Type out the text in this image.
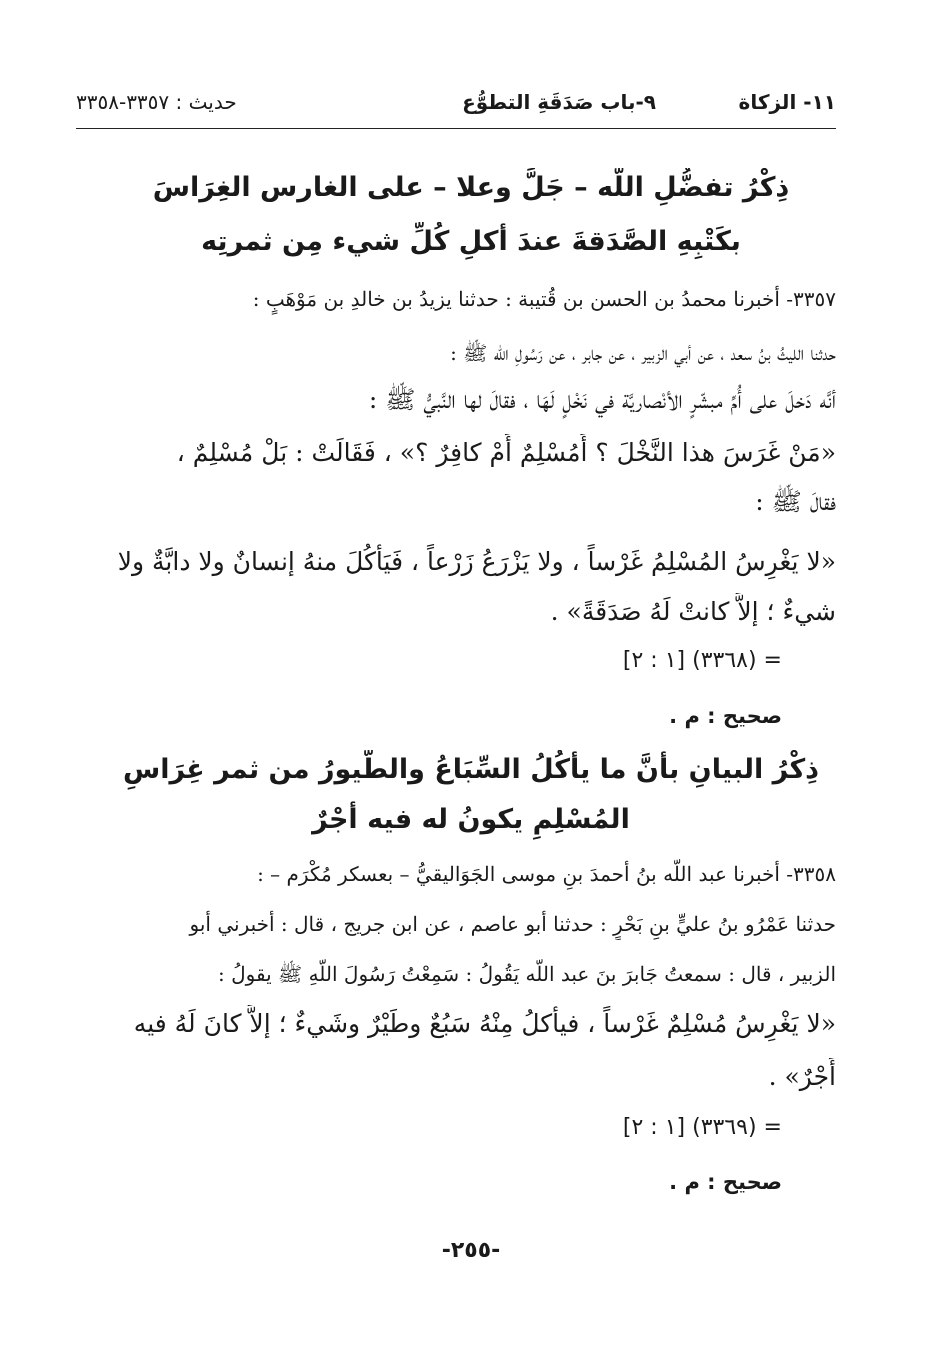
١١- الزكاة
٩-باب صَدَقَةِ التطوُّع
حديث : ٣٣٥٧-٣٣٥٨
ذِكْرُ تفضُّلِ اللّه – جَلَّ وعلا – على الغارس الغِرَاسَ
بكَتْبِهِ الصَّدَقةَ عندَ أكلِ كُلِّ شيء مِن ثمرتِه
٣٣٥٧- أخبرنا محمدُ بن الحسن بن قُتيبة : حدثنا يزيدُ بن خالدِ بن مَوْهَبٍ :
حدثنا الليثُ بنُ سعد ، عن أبي الزبير ، عن جابر ، عن رَسُولِ اللّه ﷺ :
أنَّه دَخلَ على أُمِّ مبشّرٍ الأنْصاريَّة في نَخْلٍ لَهَا ، فقالَ لها النَّبيُّ ﷺ :
«مَنْ غَرَسَ هذا النَّخْلَ ؟ أَمُسْلِمٌ أَمْ كافِرٌ ؟» ، فَقَالَتْ : بَلْ مُسْلِمٌ ،
فقالَ ﷺ :
«لا يَغْرِسُ المُسْلِمُ غَرْساً ، ولا يَزْرَعُ زَرْعاً ، فَيَأْكُلَ منهُ إنسانٌ ولا دابَّةٌ ولا
شيءٌ ؛ إلاَّ كانتْ لَهُ صَدَقَةً» .
= (٣٣٦٨) [١ : ٢]
صحيح : م .
ذِكْرُ البيانِ بأنَّ ما يأكُلُ السِّبَاعُ والطُّيورُ من ثمر غِرَاسِ
المُسْلِمِ يكونُ له فيه أجْرٌ
٣٣٥٨- أخبرنا عبد اللّه بنُ أحمدَ بنِ موسى الجَوَاليقيُّ – بعسكر مُكْرَم – :
حدثنا عَمْرُو بنُ عليٍّ بنِ بَحْرٍ : حدثنا أبو عاصم ، عن ابن جريج ، قال : أخبرني أبو
الزبير ، قال : سمعتُ جَابرَ بنَ عبد اللّه يَقُولُ : سَمِعْتُ رَسُولَ اللّهِ ﷺ يقولُ :
«لا يَغْرِسُ مُسْلِمٌ غَرْساً ، فيأكلُ مِنْهُ سَبُعٌ وطَيْرٌ وشَيءٌ ؛ إلاَّ كانَ لَهُ فيه
أَجْرٌ» .
= (٣٣٦٩) [١ : ٢]
صحيح : م .
-٢٥٥-
